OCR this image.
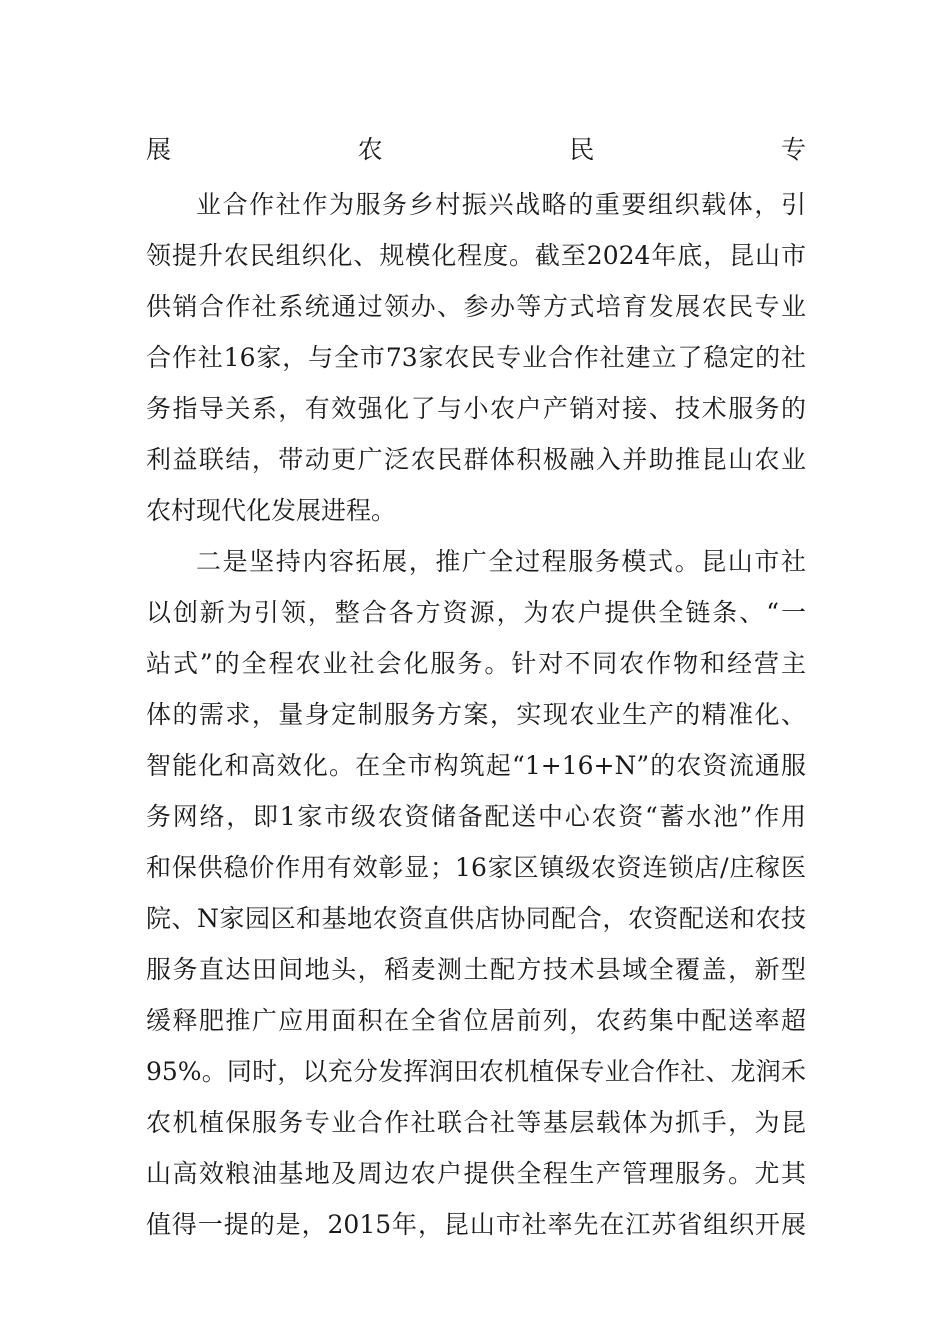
展农民专
业合作社作为服务乡村振兴战略的重要组织载体，引
领提升农民组织化、规模化程度。截至2024年底，昆山市
供销合作社系统通过领办、参办等方式培育发展农民专业
合作社16家，与全市73家农民专业合作社建立了稳定的社
务指导关系，有效强化了与小农户产销对接、技术服务的
利益联结，带动更广泛农民群体积极融入并助推昆山农业
农村现代化发展进程。
二是坚持内容拓展，推广全过程服务模式。昆山市社
以创新为引领，整合各方资源，为农户提供全链条、“一
站式”的全程农业社会化服务。针对不同农作物和经营主
体的需求，量身定制服务方案，实现农业生产的精准化、
智能化和高效化。在全市构筑起“1+16+N”的农资流通服
务网络，即1家市级农资储备配送中心农资“蓄水池”作用
和保供稳价作用有效彰显；16家区镇级农资连锁店/庄稼医
院、N家园区和基地农资直供店协同配合，农资配送和农技
服务直达田间地头，稻麦测土配方技术县域全覆盖，新型
缓释肥推广应用面积在全省位居前列，农药集中配送率超
95%。同时，以充分发挥润田农机植保专业合作社、龙润禾
农机植保服务专业合作社联合社等基层载体为抓手，为昆
山高效粮油基地及周边农户提供全程生产管理服务。尤其
值得一提的是，2015年，昆山市社率先在江苏省组织开展
